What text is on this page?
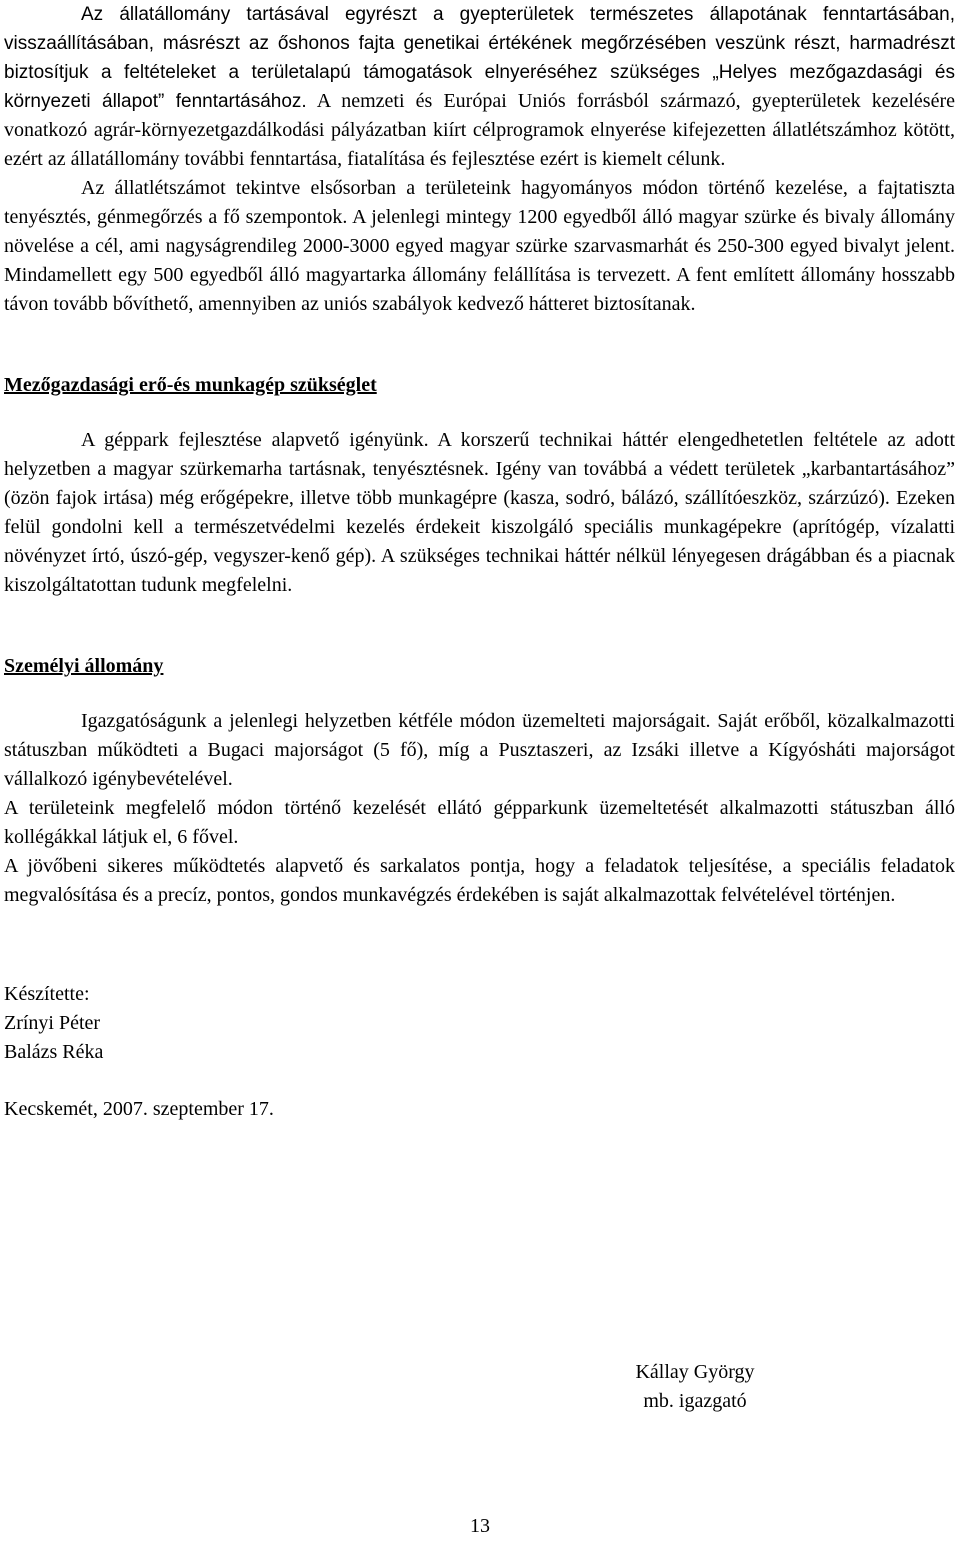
Az állatállomány tartásával egyrészt a gyepterületek természetes állapotának fenntartásában, visszaállításában, másrészt az őshonos fajta genetikai értékének megőrzésében veszünk részt, harmadrészt biztosítjuk a feltételeket a területalapú támogatások elnyeréséhez szükséges „Helyes mezőgazdasági és környezeti állapot” fenntartásához. A nemzeti és Európai Uniós forrásból származó, gyepterületek kezelésére vonatkozó agrár-környezetgazdálkodási pályázatban kiírt célprogramok elnyerése kifejezetten állatlétszámhoz kötött, ezért az állatállomány további fenntartása, fiatalítása és fejlesztése ezért is kiemelt célunk.

Az állatlétszámot tekintve elsősorban a területeink hagyományos módon történő kezelése, a fajtatiszta tenyésztés, génmegőrzés a fő szempontok. A jelenlegi mintegy 1200 egyedből álló magyar szürke és bivaly állomány növelése a cél, ami nagyságrendileg 2000-3000 egyed magyar szürke szarvasmarhát és 250-300 egyed bivalyt jelent. Mindamellett egy 500 egyedből álló magyartarka állomány felállítása is tervezett. A fent említett állomány hosszabb távon tovább bővíthető, amennyiben az uniós szabályok kedvező hátteret biztosítanak.

Mezőgazdasági erő-és munkagép szükséglet

A géppark fejlesztése alapvető igényünk. A korszerű technikai háttér elengedhetetlen feltétele az adott helyzetben a magyar szürkemarha tartásnak, tenyésztésnek. Igény van továbbá a védett területek „karbantartásához” (özön fajok irtása) még erőgépekre, illetve több munkagépre (kasza, sodró, bálázó, szállítóeszköz, szárzúzó). Ezeken felül gondolni kell a természetvédelmi kezelés érdekeit kiszolgáló speciális munkagépekre (aprítógép, vízalatti növényzet írtó, úszó-gép, vegyszer-kenő gép). A szükséges technikai háttér nélkül lényegesen drágábban és a piacnak kiszolgáltatottan tudunk megfelelni.

Személyi állomány

Igazgatóságunk a jelenlegi helyzetben kétféle módon üzemelteti majorságait. Saját erőből, közalkalmazotti státuszban működteti a Bugaci majorságot (5 fő), míg a Pusztaszeri, az Izsáki illetve a Kígyósháti majorságot vállalkozó igénybevételével.

A területeink megfelelő módon történő kezelését ellátó gépparkunk üzemeltetését alkalmazotti státuszban álló kollégákkal látjuk el, 6 fővel.

A jövőbeni sikeres működtetés alapvető és sarkalatos pontja, hogy a feladatok teljesítése, a speciális feladatok megvalósítása és a precíz, pontos, gondos munkavégzés érdekében is saját alkalmazottak felvételével történjen.

Készítette:
Zrínyi Péter
Balázs Réka
Kecskemét, 2007. szeptember 17.
Kállay György
mb. igazgató
13
